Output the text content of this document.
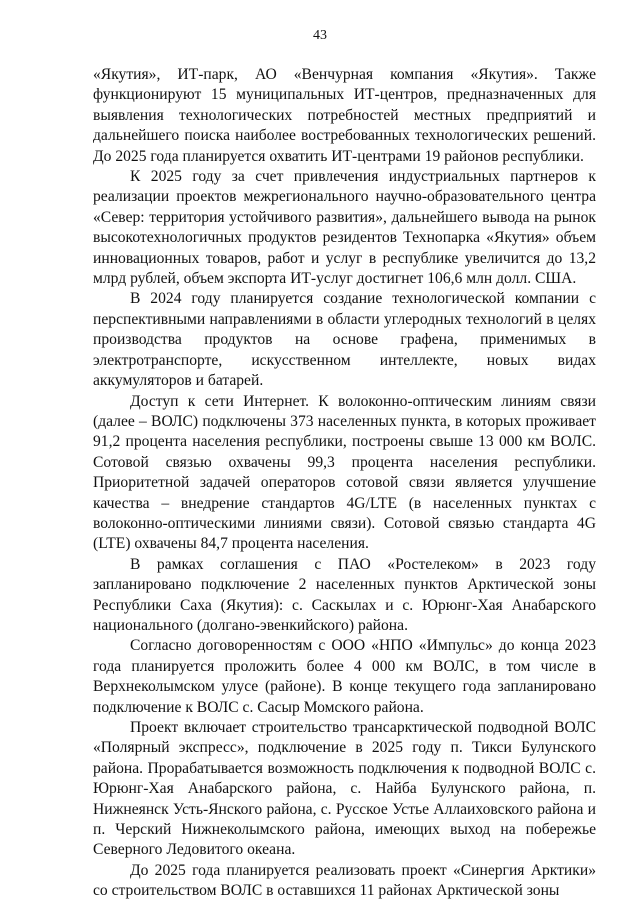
43

«Якутия», ИТ-парк, АО «Венчурная компания «Якутия». Также функционируют 15 муниципальных ИТ-центров, предназначенных для выявления технологических потребностей местных предприятий и дальнейшего поиска наиболее востребованных технологических решений. До 2025 года планируется охватить ИТ-центрами 19 районов республики.

К 2025 году за счет привлечения индустриальных партнеров к реализации проектов межрегионального научно-образовательного центра «Север: территория устойчивого развития», дальнейшего вывода на рынок высокотехнологичных продуктов резидентов Технопарка «Якутия» объем инновационных товаров, работ и услуг в республике увеличится до 13,2 млрд рублей, объем экспорта ИТ-услуг достигнет 106,6 млн долл. США.

В 2024 году планируется создание технологической компании с перспективными направлениями в области углеродных технологий в целях производства продуктов на основе графена, применимых в электротранспорте, искусственном интеллекте, новых видах аккумуляторов и батарей.

Доступ к сети Интернет. К волоконно-оптическим линиям связи (далее – ВОЛС) подключены 373 населенных пункта, в которых проживает 91,2 процента населения республики, построены свыше 13 000 км ВОЛС. Сотовой связью охвачены 99,3 процента населения республики. Приоритетной задачей операторов сотовой связи является улучшение качества – внедрение стандартов 4G/LTE (в населенных пунктах с волоконно-оптическими линиями связи). Сотовой связью стандарта 4G (LTE) охвачены 84,7 процента населения.

В рамках соглашения с ПАО «Ростелеком» в 2023 году запланировано подключение 2 населенных пунктов Арктической зоны Республики Саха (Якутия): с. Саскылах и с. Юрюнг-Хая Анабарского национального (долгано-эвенкийского) района.

Согласно договоренностям с ООО «НПО «Импульс» до конца 2023 года планируется проложить более 4 000 км ВОЛС, в том числе в Верхнеколымском улусе (районе). В конце текущего года запланировано подключение к ВОЛС с. Сасыр Момского района.

Проект включает строительство трансарктической подводной ВОЛС «Полярный экспресс», подключение в 2025 году п. Тикси Булунского района. Прорабатывается возможность подключения к подводной ВОЛС с. Юрюнг-Хая Анабарского района, с. Найба Булунского района, п. Нижнеянск Усть-Янского района, с. Русское Устье Аллаиховского района и п. Черский Нижнеколымского района, имеющих выход на побережье Северного Ледовитого океана.

До 2025 года планируется реализовать проект «Синергия Арктики» со строительством ВОЛС в оставшихся 11 районах Арктической зоны
